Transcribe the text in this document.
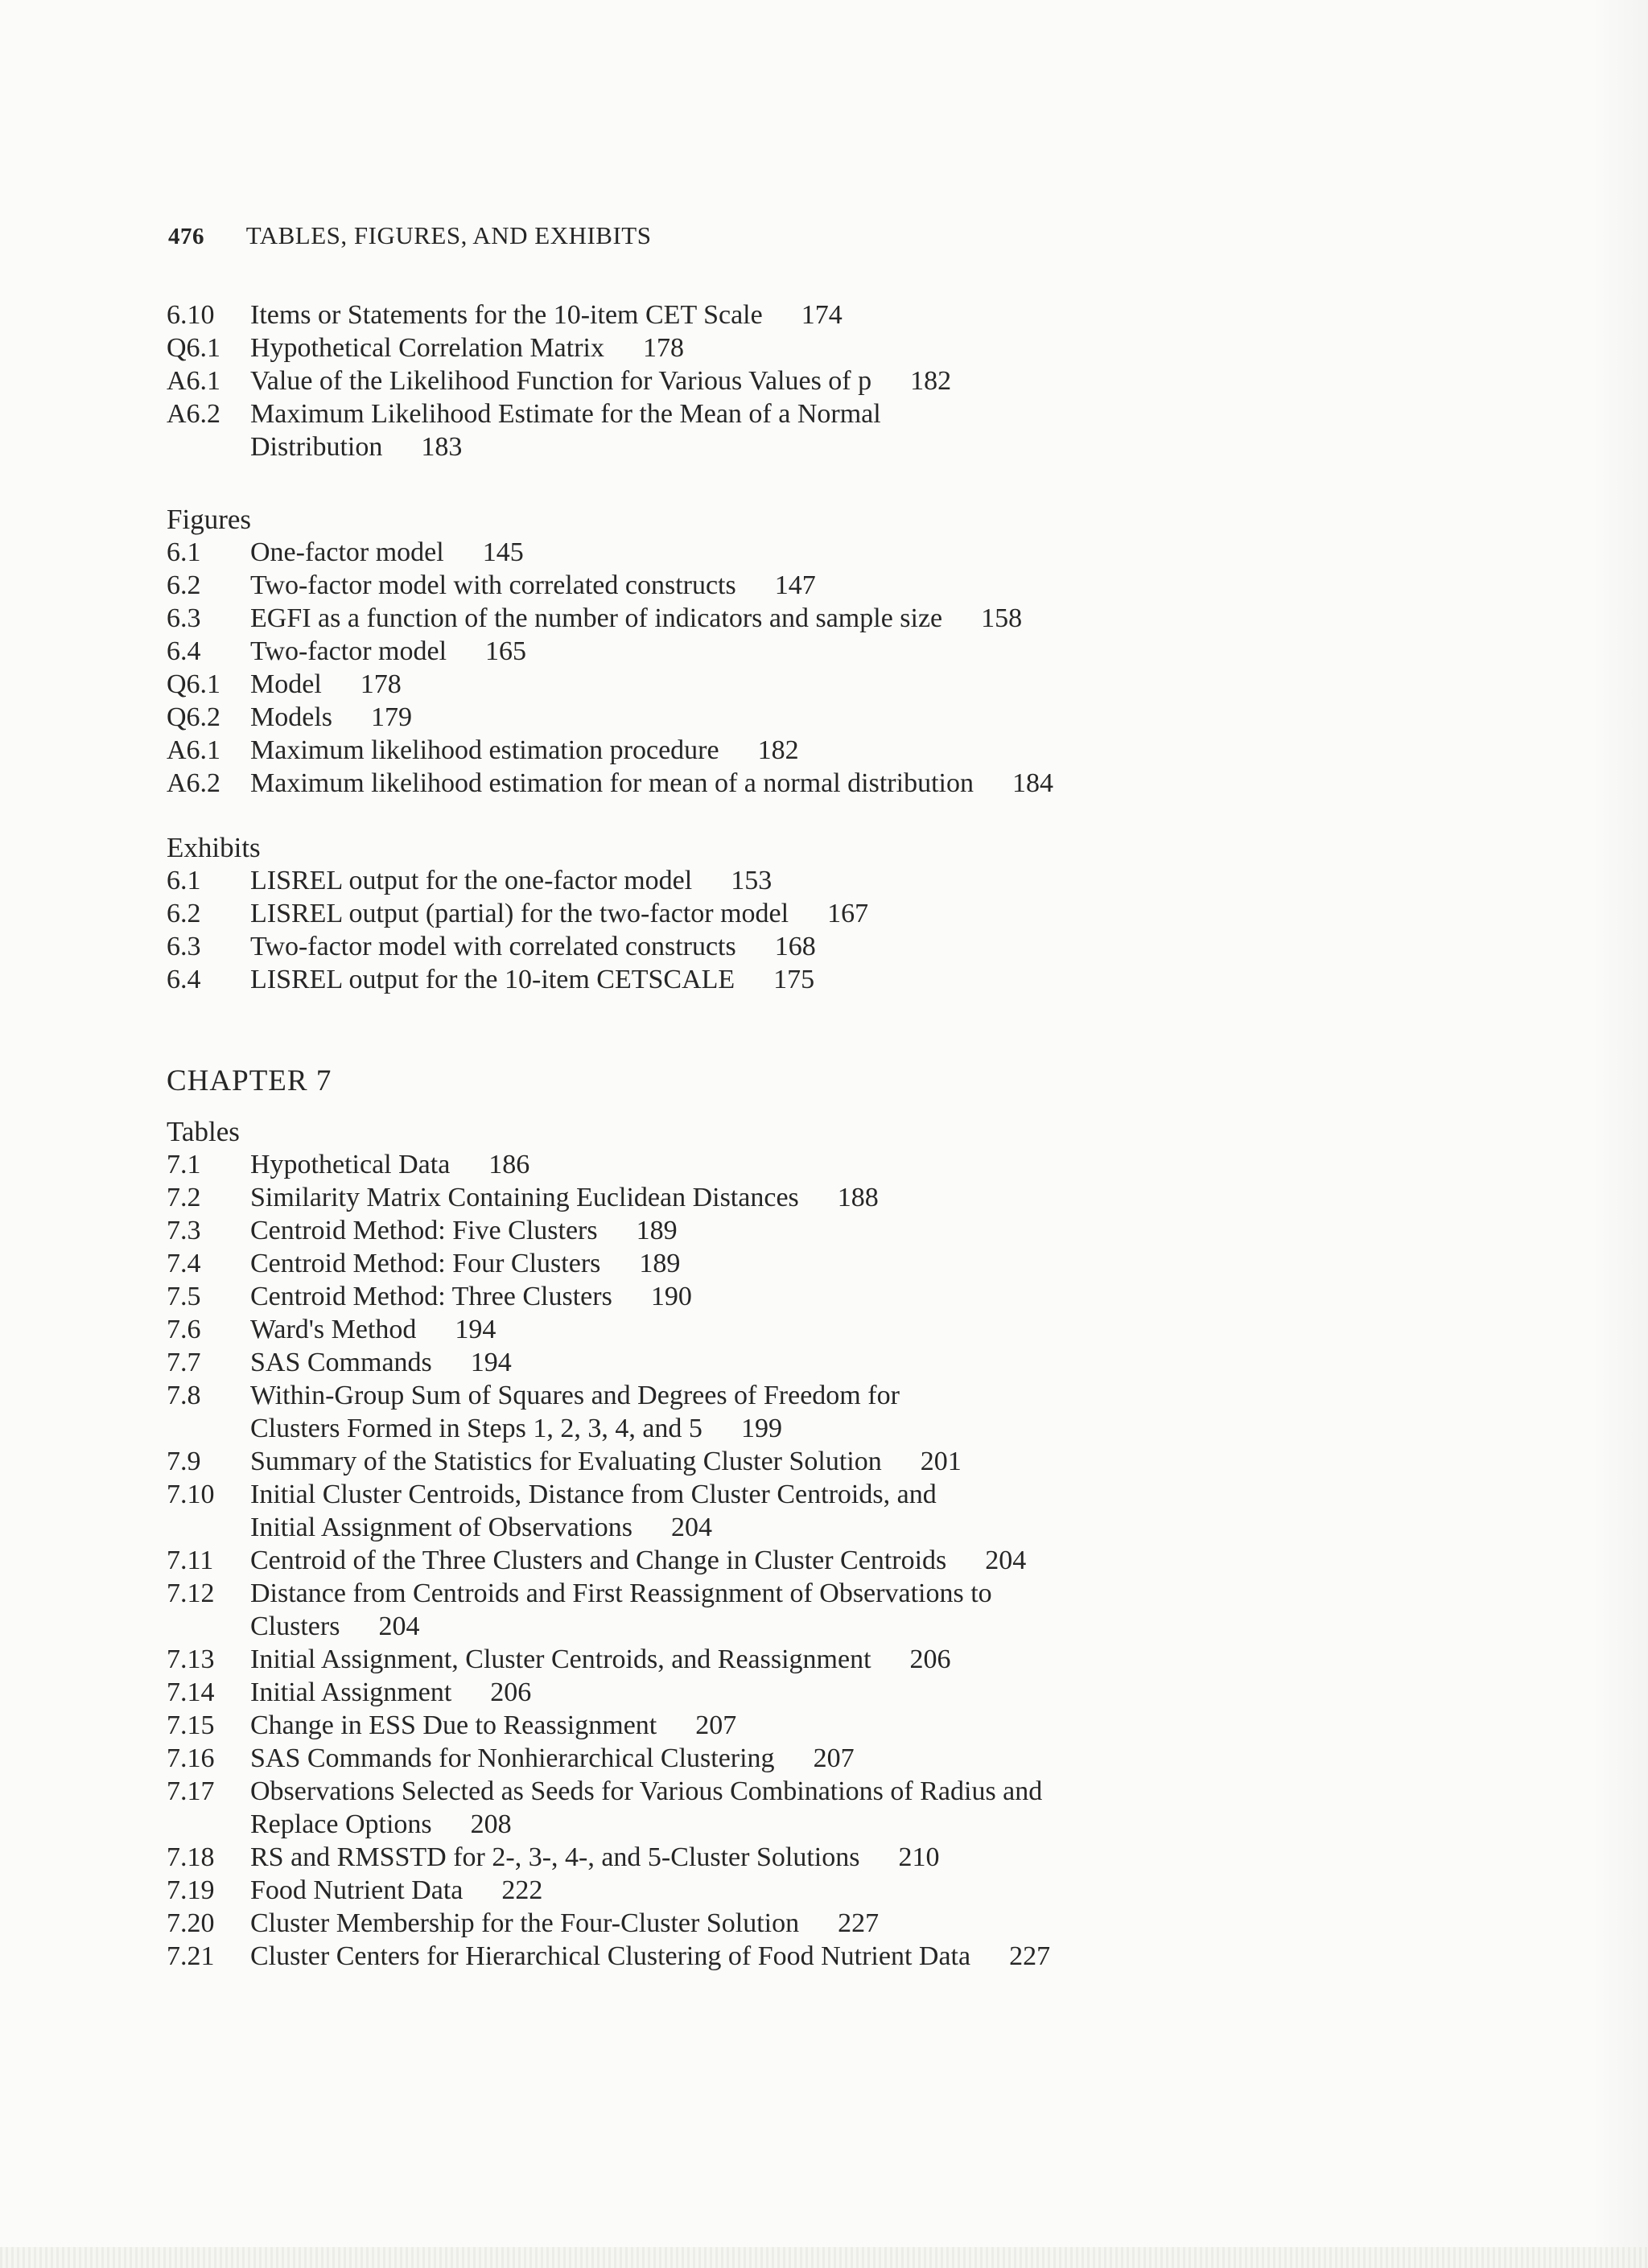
476 TABLES, FIGURES, AND EXHIBITS
6.10	Items or Statements for the 10-item CET Scale 174
Q6.1	Hypothetical Correlation Matrix 178
A6.1	Value of the Likelihood Function for Various Values of p 182
A6.2	Maximum Likelihood Estimate for the Mean of a Normal Distribution 183
Figures
6.1	One-factor model 145
6.2	Two-factor model with correlated constructs 147
6.3	EGFI as a function of the number of indicators and sample size 158
6.4	Two-factor model 165
Q6.1	Model 178
Q6.2	Models 179
A6.1	Maximum likelihood estimation procedure 182
A6.2	Maximum likelihood estimation for mean of a normal distribution 184
Exhibits
6.1	LISREL output for the one-factor model 153
6.2	LISREL output (partial) for the two-factor model 167
6.3	Two-factor model with correlated constructs 168
6.4	LISREL output for the 10-item CETSCALE 175
CHAPTER 7
Tables
7.1	Hypothetical Data 186
7.2	Similarity Matrix Containing Euclidean Distances 188
7.3	Centroid Method: Five Clusters 189
7.4	Centroid Method: Four Clusters 189
7.5	Centroid Method: Three Clusters 190
7.6	Ward's Method 194
7.7	SAS Commands 194
7.8	Within-Group Sum of Squares and Degrees of Freedom for Clusters Formed in Steps 1, 2, 3, 4, and 5 199
7.9	Summary of the Statistics for Evaluating Cluster Solution 201
7.10	Initial Cluster Centroids, Distance from Cluster Centroids, and Initial Assignment of Observations 204
7.11	Centroid of the Three Clusters and Change in Cluster Centroids 204
7.12	Distance from Centroids and First Reassignment of Observations to Clusters 204
7.13	Initial Assignment, Cluster Centroids, and Reassignment 206
7.14	Initial Assignment 206
7.15	Change in ESS Due to Reassignment 207
7.16	SAS Commands for Nonhierarchical Clustering 207
7.17	Observations Selected as Seeds for Various Combinations of Radius and Replace Options 208
7.18	RS and RMSSTD for 2-, 3-, 4-, and 5-Cluster Solutions 210
7.19	Food Nutrient Data 222
7.20	Cluster Membership for the Four-Cluster Solution 227
7.21	Cluster Centers for Hierarchical Clustering of Food Nutrient Data 227
